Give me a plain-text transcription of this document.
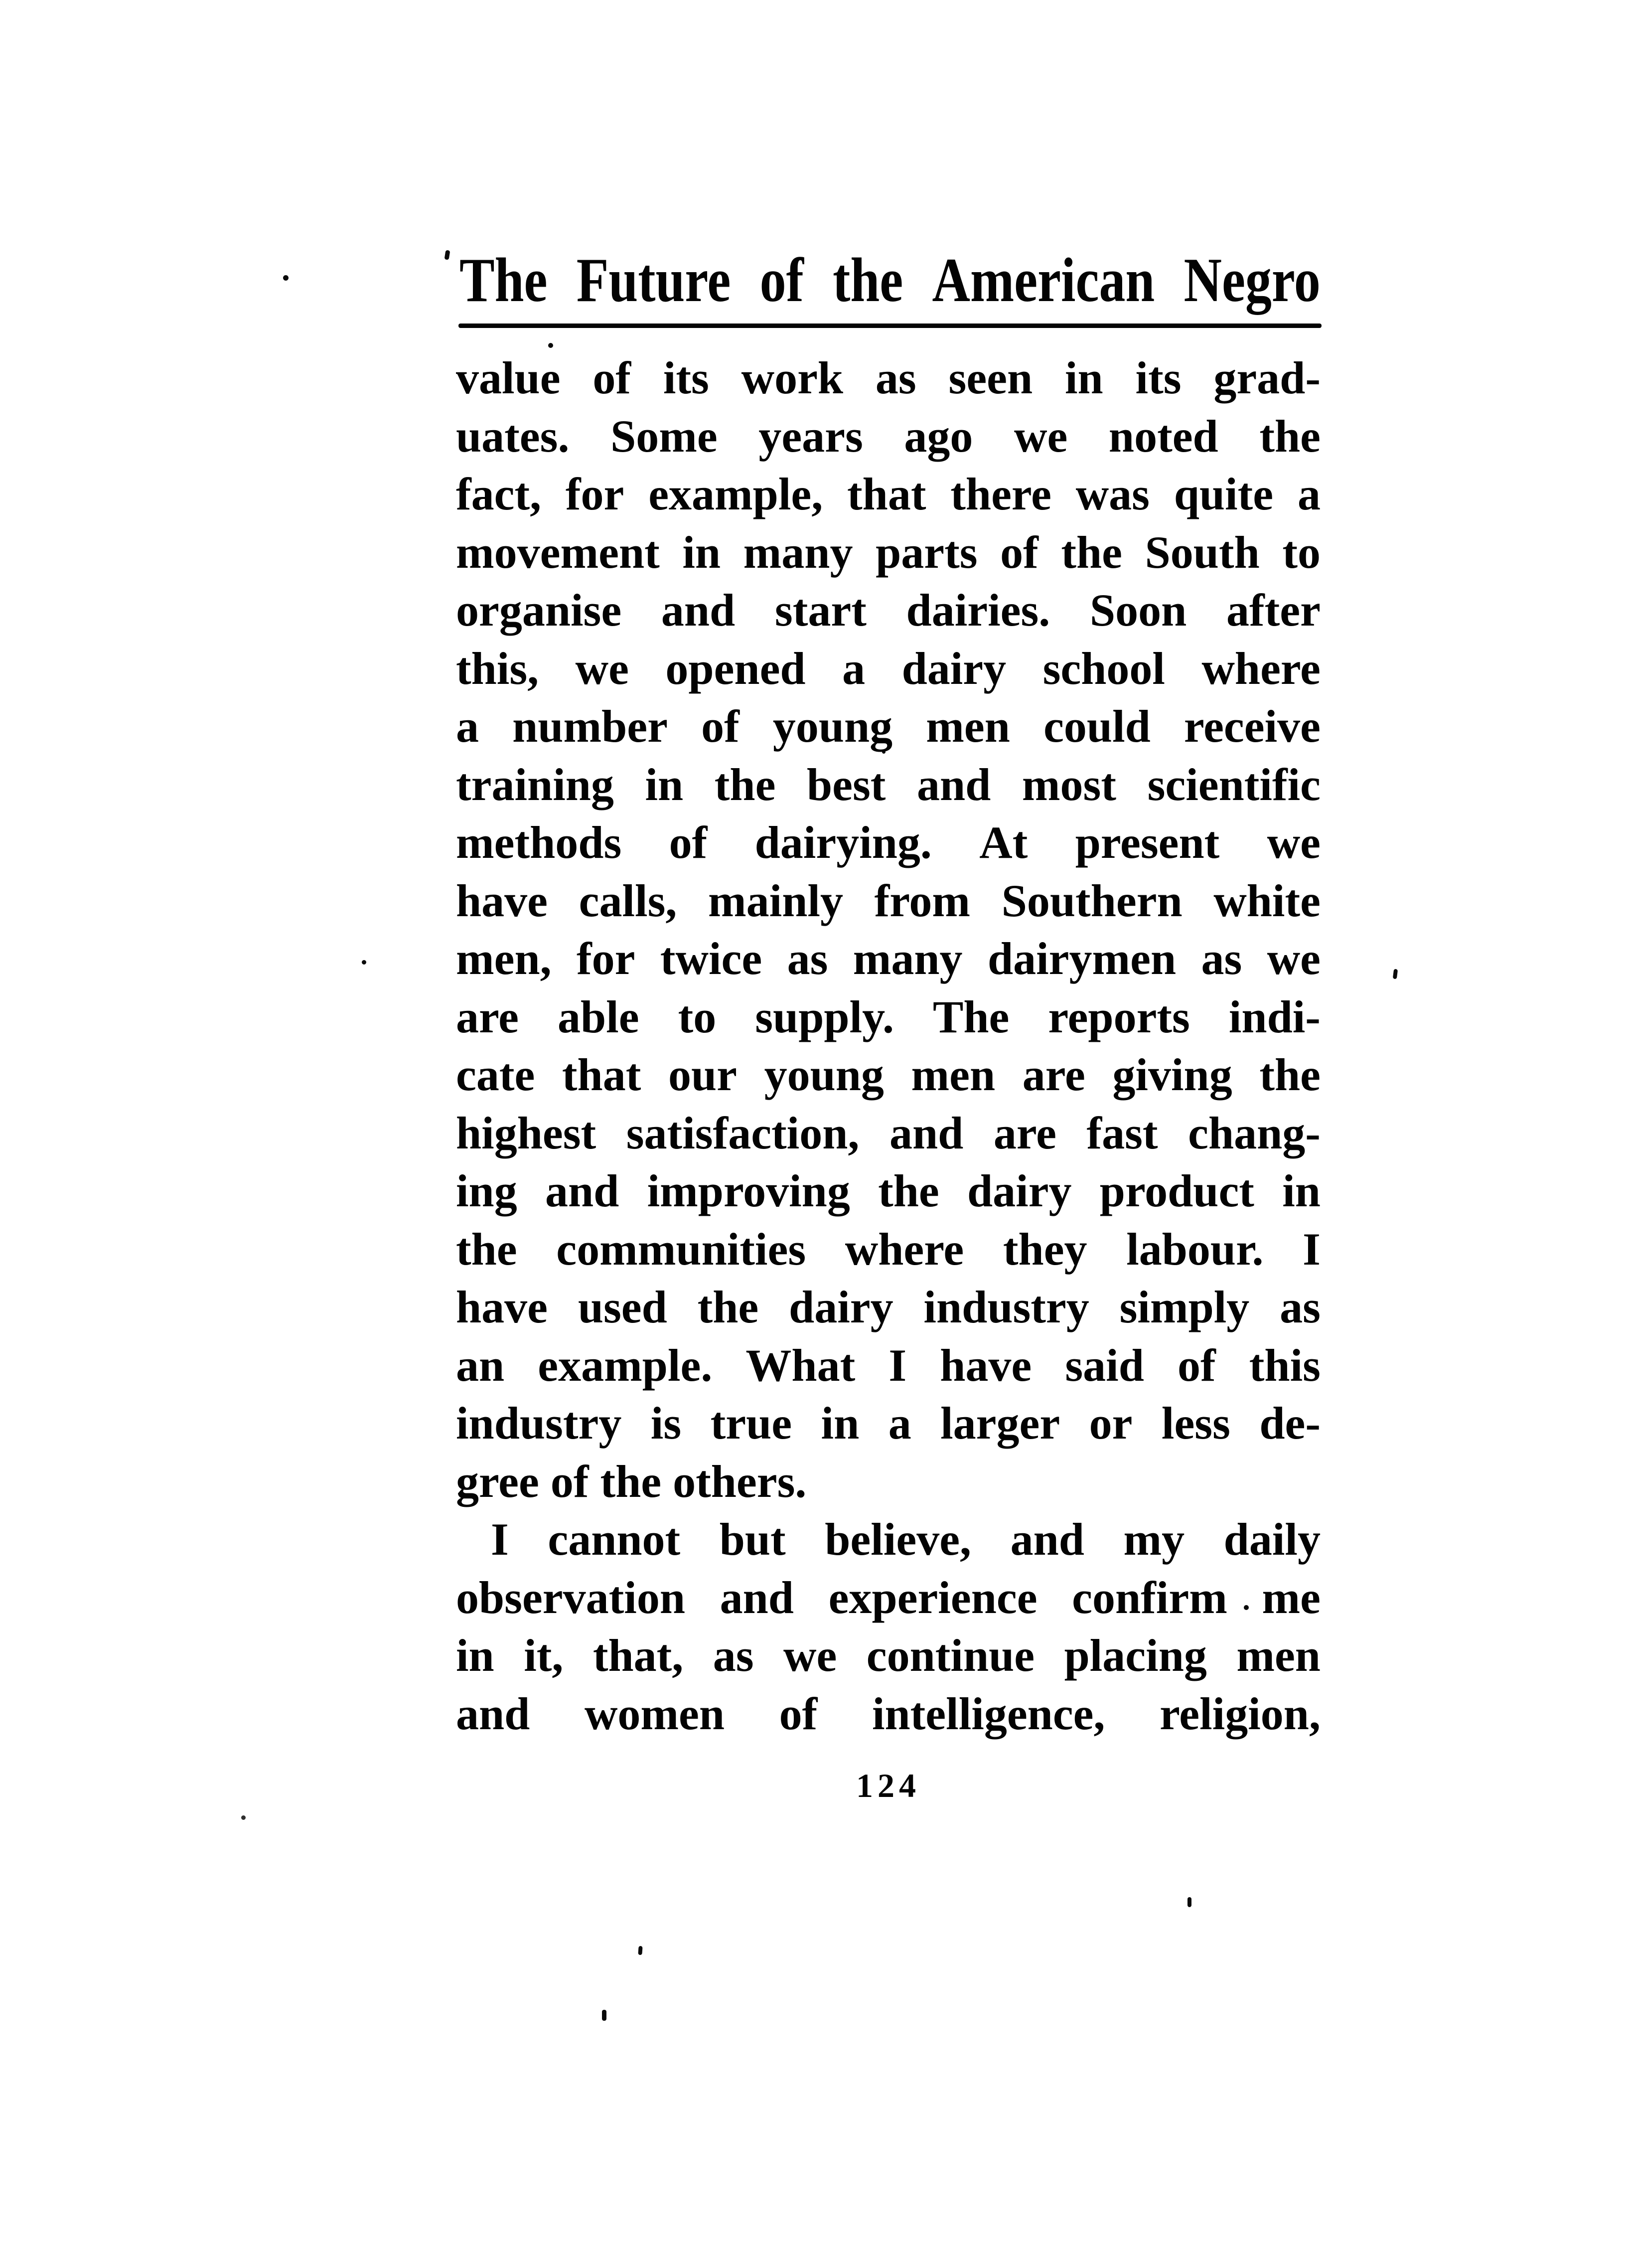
The Future of the American Negro
value of its work as seen in its grad-
uates. Some years ago we noted the
fact, for example, that there was quite a
movement in many parts of the South to
organise and start dairies. Soon after
this, we opened a dairy school where
a number of young men could receive
training in the best and most scientific
methods of dairying. At present we
have calls, mainly from Southern white
men, for twice as many dairymen as we
are able to supply. The reports indi-
cate that our young men are giving the
highest satisfaction, and are fast chang-
ing and improving the dairy product in
the communities where they labour. I
have used the dairy industry simply as
an example. What I have said of this
industry is true in a larger or less de-
gree of the others.
I cannot but believe, and my daily
observation and experience confirm me
in it, that, as we continue placing men
and women of intelligence, religion,
124
